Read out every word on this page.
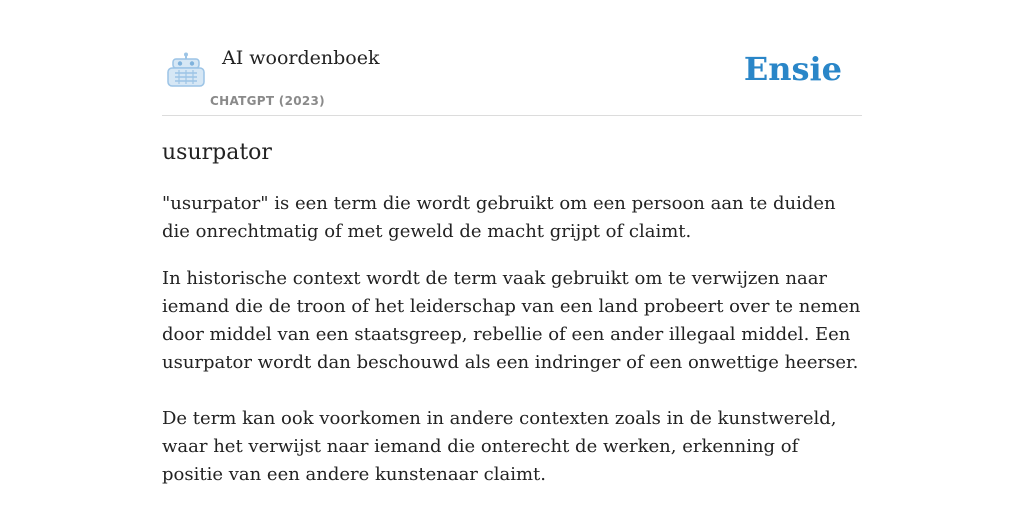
AI woordenboek
CHATGPT (2023)
Ensie
usurpator

"usurpator" is een term die wordt gebruikt om een persoon aan te duiden die onrechtmatig of met geweld de macht grijpt of claimt.

In historische context wordt de term vaak gebruikt om te verwijzen naar iemand die de troon of het leiderschap van een land probeert over te nemen door middel van een staatsgreep, rebellie of een ander illegaal middel. Een usurpator wordt dan beschouwd als een indringer of een onwettige heerser.

De term kan ook voorkomen in andere contexten zoals in de kunstwereld, waar het verwijst naar iemand die onterecht de werken, erkenning of positie van een andere kunstenaar claimt.
